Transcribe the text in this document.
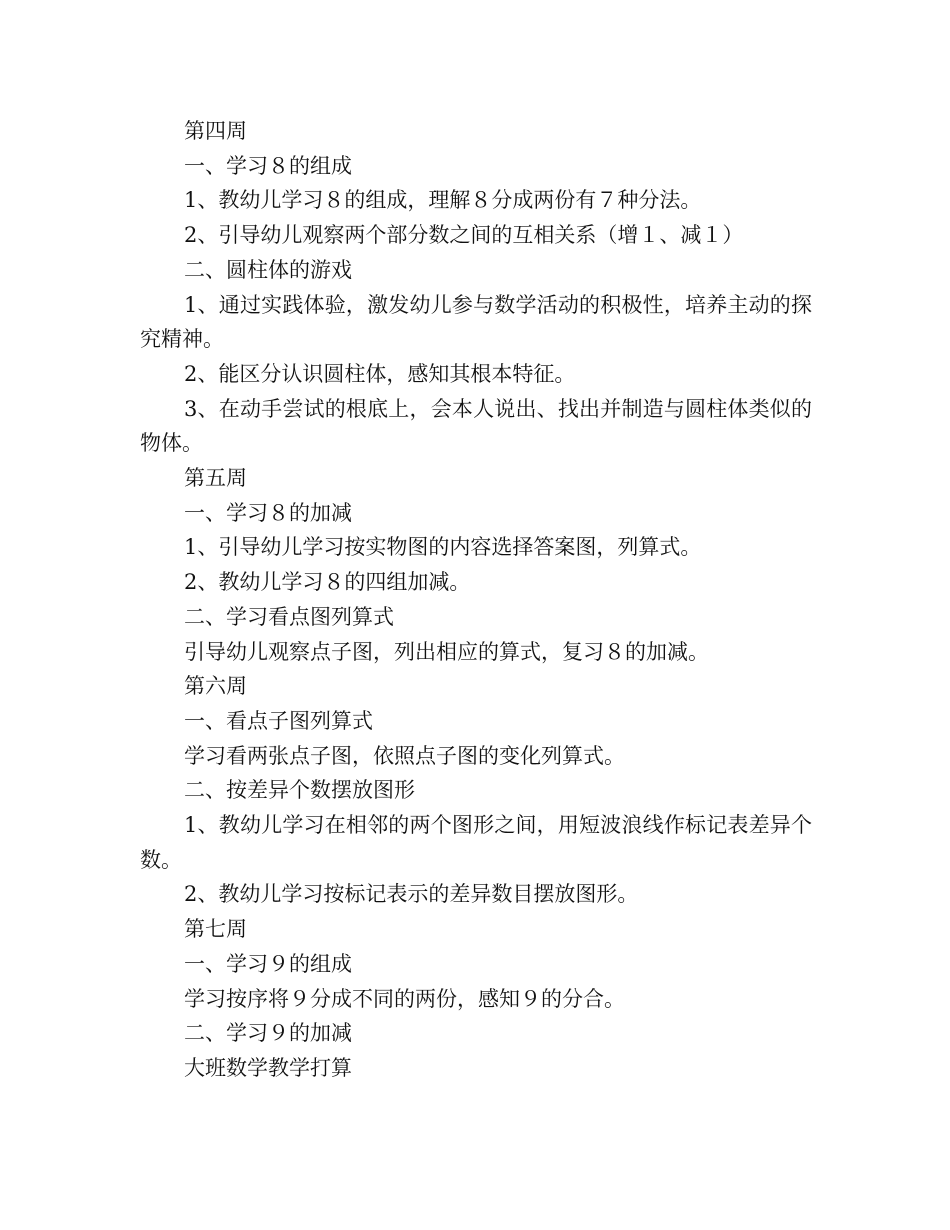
第四周

一、学习８的组成

1、教幼儿学习８的组成，理解８分成两份有７种分法。

2、引导幼儿观察两个部分数之间的互相关系（增１、减１）

二、圆柱体的游戏

1、通过实践体验，激发幼儿参与数学活动的积极性，培养主动的探究精神。

2、能区分认识圆柱体，感知其根本特征。

3、在动手尝试的根底上，会本人说出、找出并制造与圆柱体类似的物体。

第五周

一、学习８的加减

1、引导幼儿学习按实物图的内容选择答案图，列算式。

2、教幼儿学习８的四组加减。

二、学习看点图列算式

引导幼儿观察点子图，列出相应的算式，复习８的加减。

第六周

一、看点子图列算式

学习看两张点子图，依照点子图的变化列算式。

二、按差异个数摆放图形

1、教幼儿学习在相邻的两个图形之间，用短波浪线作标记表差异个数。

2、教幼儿学习按标记表示的差异数目摆放图形。

第七周

一、学习９的组成

学习按序将９分成不同的两份，感知９的分合。

二、学习９的加减

大班数学教学打算
